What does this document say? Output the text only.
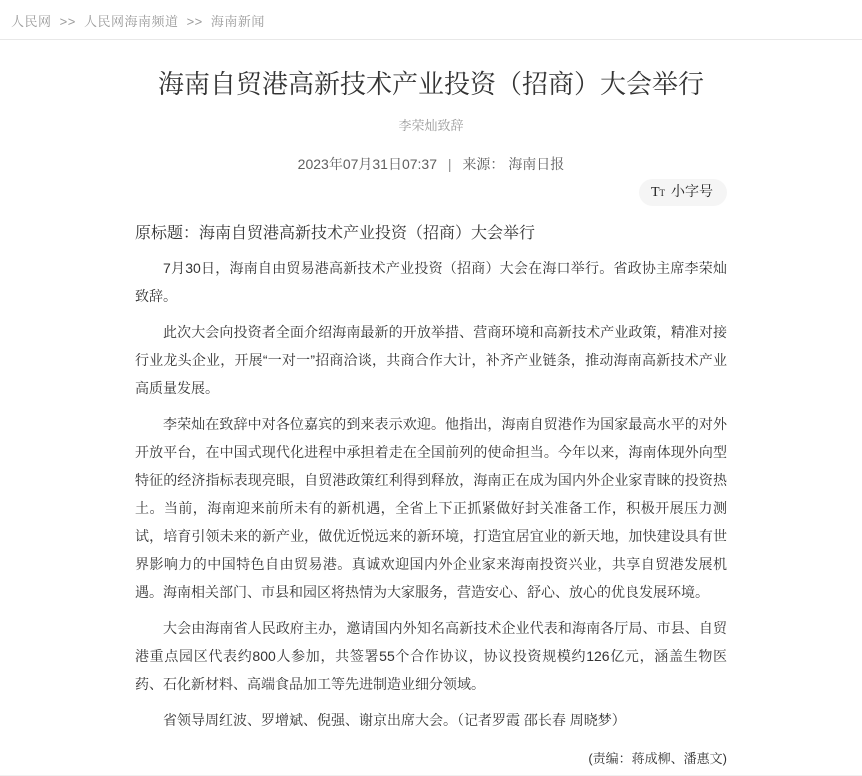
人民网 >> 人民网海南频道 >> 海南新闻
海南自贸港高新技术产业投资（招商）大会举行
李荣灿致辞
2023年07月31日07:37 | 来源： 海南日报
T T 小字号

原标题：海南自贸港高新技术产业投资（招商）大会举行

7月30日，海南自由贸易港高新技术产业投资（招商）大会在海口举行。省政协主席李荣灿致辞。

此次大会向投资者全面介绍海南最新的开放举措、营商环境和高新技术产业政策，精准对接行业龙头企业，开展“一对一”招商洽谈，共商合作大计，补齐产业链条，推动海南高新技术产业高质量发展。

李荣灿在致辞中对各位嘉宾的到来表示欢迎。他指出，海南自贸港作为国家最高水平的对外开放平台，在中国式现代化进程中承担着走在全国前列的使命担当。今年以来，海南体现外向型特征的经济指标表现亮眼，自贸港政策红利得到释放，海南正在成为国内外企业家青睐的投资热土。当前，海南迎来前所未有的新机遇，全省上下正抓紧做好封关准备工作，积极开展压力测试，培育引领未来的新产业，做优近悦远来的新环境，打造宜居宜业的新天地，加快建设具有世界影响力的中国特色自由贸易港。真诚欢迎国内外企业家来海南投资兴业，共享自贸港发展机遇。海南相关部门、市县和园区将热情为大家服务，营造安心、舒心、放心的优良发展环境。

大会由海南省人民政府主办，邀请国内外知名高新技术企业代表和海南各厅局、市县、自贸港重点园区代表约800人参加，共签署55个合作协议，协议投资规模约126亿元，涵盖生物医药、石化新材料、高端食品加工等先进制造业细分领域。

省领导周红波、罗增斌、倪强、谢京出席大会。（记者罗霞 邵长春 周晓梦）

(责编：蒋成柳、潘惠文)
